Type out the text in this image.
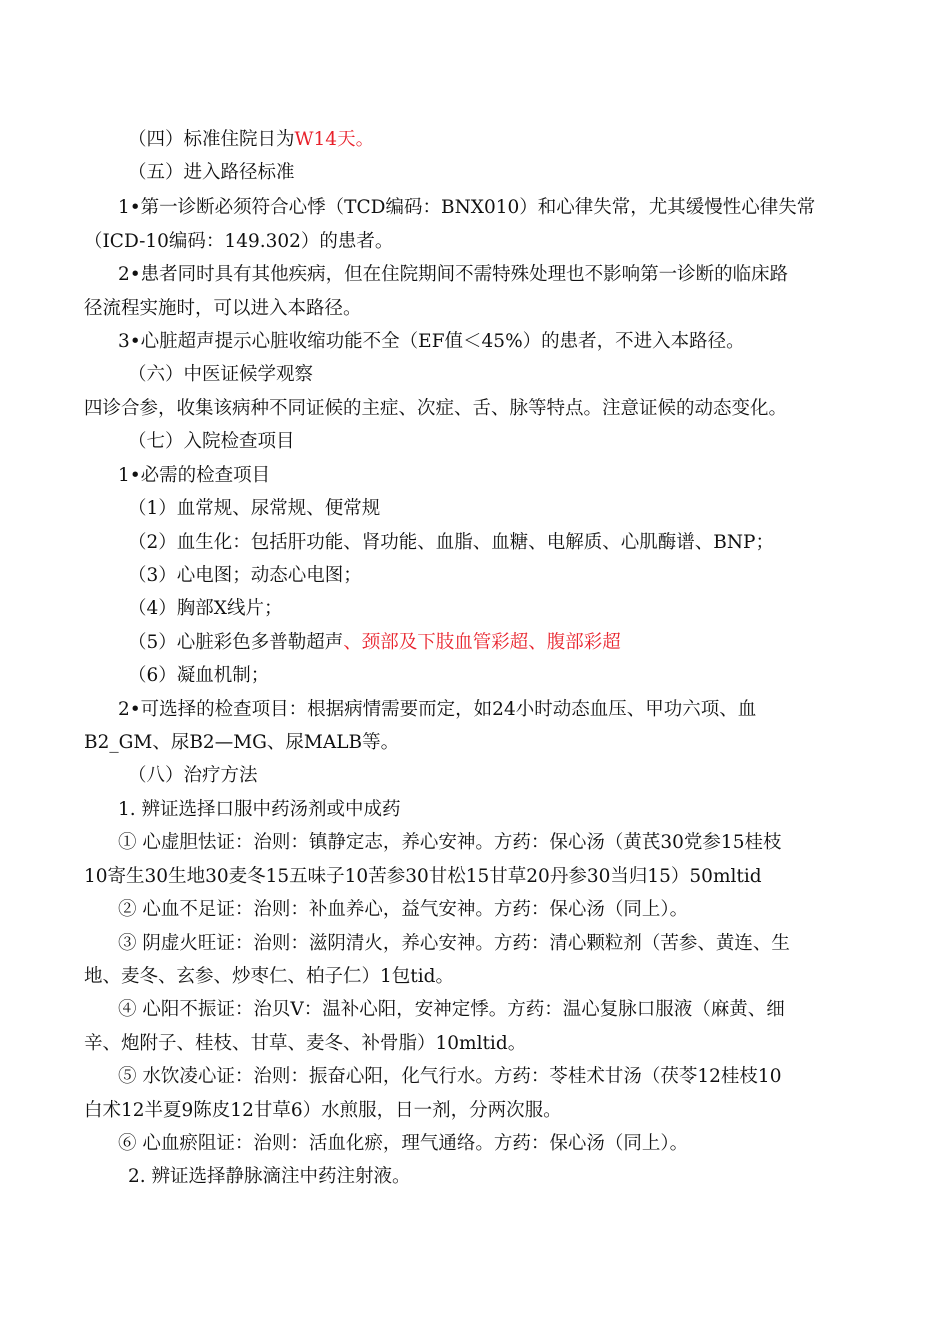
（四）标准住院日为W14天。
（五）进入路径标准
1•第一诊断必须符合心悸（TCD编码：BNX010）和心律失常，尤其缓慢性心律失常
（ICD-10编码：149.302）的患者。
2•患者同时具有其他疾病，但在住院期间不需特殊处理也不影响第一诊断的临床路
径流程实施时，可以进入本路径。
3•心脏超声提示心脏收缩功能不全（EF值＜45%）的患者，不进入本路径。
（六）中医证候学观察
四诊合参，收集该病种不同证候的主症、次症、舌、脉等特点。注意证候的动态变化。
（七）入院检查项目
1•必需的检查项目
（1）血常规、尿常规、便常规
（2）血生化：包括肝功能、肾功能、血脂、血糖、电解质、心肌酶谱、BNP；
（3）心电图；动态心电图；
（4）胸部X线片；
（5）心脏彩色多普勒超声、颈部及下肢血管彩超、腹部彩超
（6）凝血机制；
2•可选择的检查项目：根据病情需要而定，如24小时动态血压、甲功六项、血
B2_GM、尿B2—MG、尿MALB等。
（八）治疗方法
1. 辨证选择口服中药汤剂或中成药
① 心虚胆怯证：治则：镇静定志，养心安神。方药：保心汤（黄芪30党参15桂枝
10寄生30生地30麦冬15五味子10苦参30甘松15甘草20丹参30当归15）50mltid
② 心血不足证：治则：补血养心，益气安神。方药：保心汤（同上）。
③ 阴虚火旺证：治则：滋阴清火，养心安神。方药：清心颗粒剂（苦参、黄连、生
地、麦冬、玄参、炒枣仁、柏子仁）1包tid。
④ 心阳不振证：治贝V：温补心阳，安神定悸。方药：温心复脉口服液（麻黄、细
辛、炮附子、桂枝、甘草、麦冬、补骨脂）10mltid。
⑤ 水饮凌心证：治则：振奋心阳，化气行水。方药：苓桂术甘汤（茯苓12桂枝10
白术12半夏9陈皮12甘草6）水煎服，日一剂，分两次服。
⑥ 心血瘀阻证：治则：活血化瘀，理气通络。方药：保心汤（同上）。
2. 辨证选择静脉滴注中药注射液。
